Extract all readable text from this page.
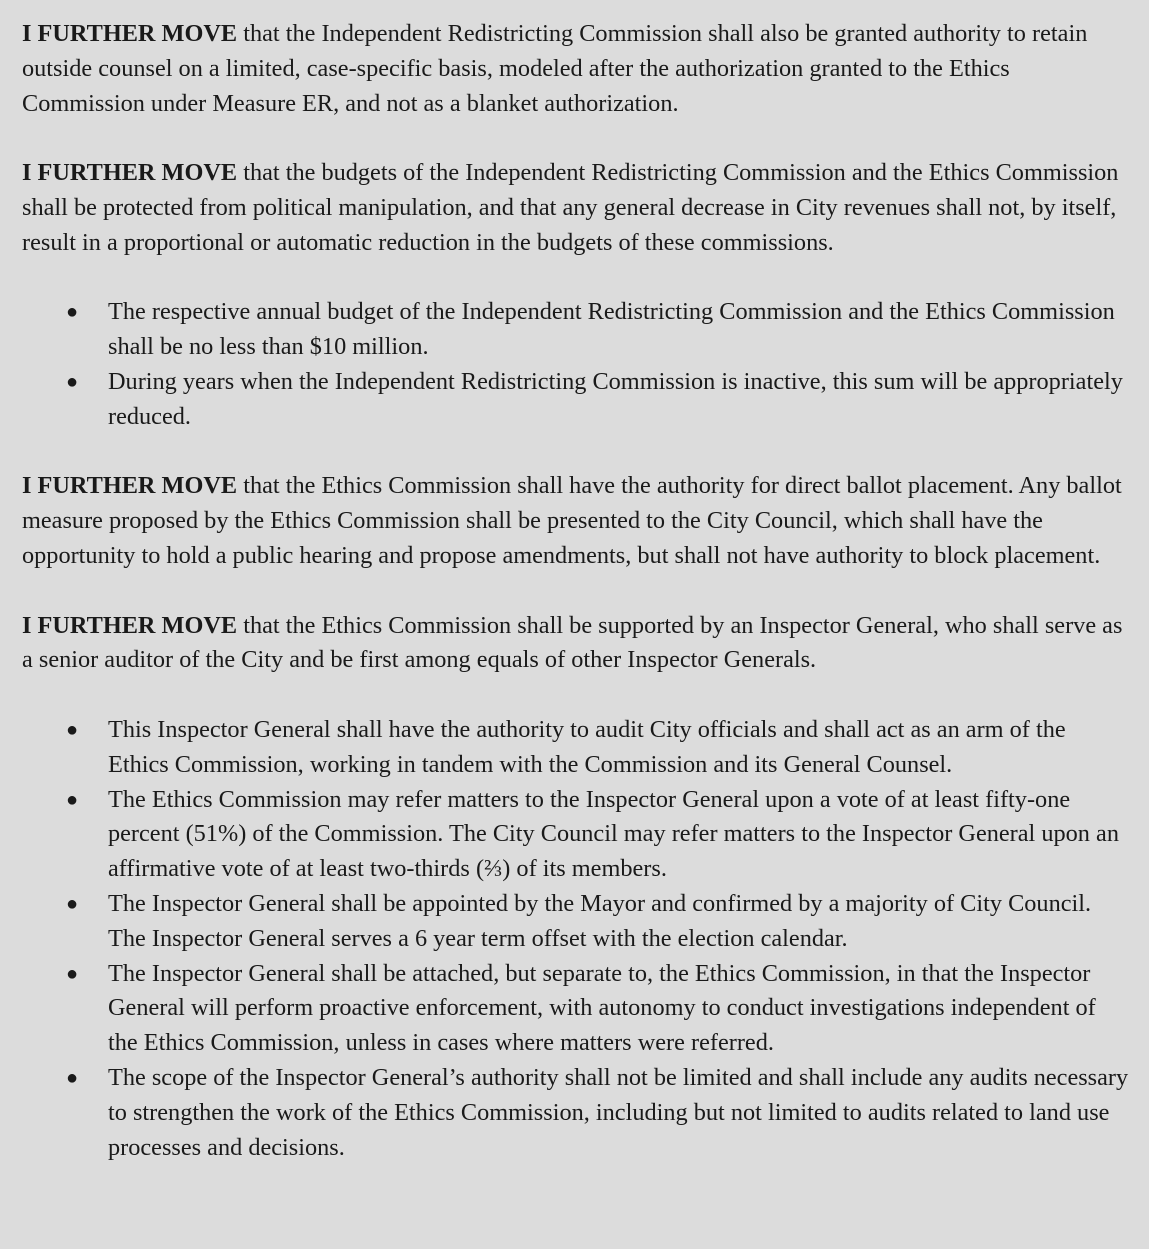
I FURTHER MOVE that the Independent Redistricting Commission shall also be granted authority to retain outside counsel on a limited, case-specific basis, modeled after the authorization granted to the Ethics Commission under Measure ER, and not as a blanket authorization.

I FURTHER MOVE that the budgets of the Independent Redistricting Commission and the Ethics Commission shall be protected from political manipulation, and that any general decrease in City revenues shall not, by itself, result in a proportional or automatic reduction in the budgets of these commissions.

● The respective annual budget of the Independent Redistricting Commission and the Ethics Commission shall be no less than $10 million.
● During years when the Independent Redistricting Commission is inactive, this sum will be appropriately reduced.

I FURTHER MOVE that the Ethics Commission shall have the authority for direct ballot placement. Any ballot measure proposed by the Ethics Commission shall be presented to the City Council, which shall have the opportunity to hold a public hearing and propose amendments, but shall not have authority to block placement.

I FURTHER MOVE that the Ethics Commission shall be supported by an Inspector General, who shall serve as a senior auditor of the City and be first among equals of other Inspector Generals.

● This Inspector General shall have the authority to audit City officials and shall act as an arm of the Ethics Commission, working in tandem with the Commission and its General Counsel.
● The Ethics Commission may refer matters to the Inspector General upon a vote of at least fifty-one percent (51%) of the Commission. The City Council may refer matters to the Inspector General upon an affirmative vote of at least two-thirds (⅔) of its members.
● The Inspector General shall be appointed by the Mayor and confirmed by a majority of City Council. The Inspector General serves a 6 year term offset with the election calendar.
● The Inspector General shall be attached, but separate to, the Ethics Commission, in that the Inspector General will perform proactive enforcement, with autonomy to conduct investigations independent of the Ethics Commission, unless in cases where matters were referred.
● The scope of the Inspector General’s authority shall not be limited and shall include any audits necessary to strengthen the work of the Ethics Commission, including but not limited to audits related to land use processes and decisions.
